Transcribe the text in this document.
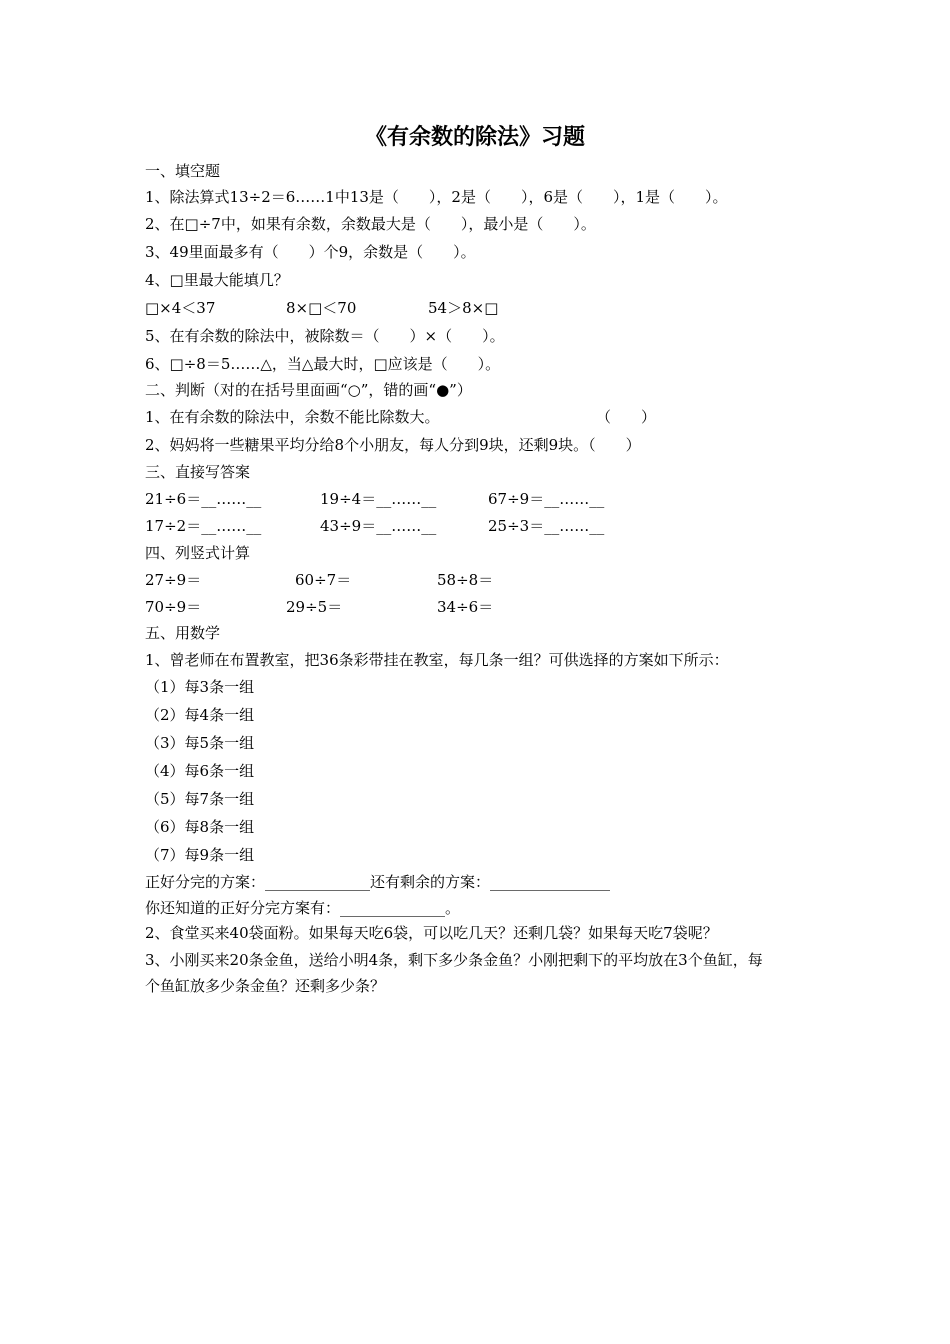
《有余数的除法》习题
一、填空题
1、除法算式13÷2＝6……1中13是（　　），2是（　　），6是（　　），1是（　　）。
2、在□÷7中，如果有余数，余数最大是（　　），最小是（　　）。
3、49里面最多有（　　）个9，余数是（　　）。
4、□里最大能填几？
□×4＜37	8×□＜70	54＞8×□
5、在有余数的除法中，被除数＝（　　）×（　　）。
6、□÷8＝5……△，当△最大时，□应该是（　　）。
二、判断（对的在括号里面画“○”，错的画“●”）
1、在有余数的除法中，余数不能比除数大。	（　　）
2、妈妈将一些糖果平均分给8个小朋友，每人分到9块，还剩9块。（　　）
三、直接写答案
21÷6＝__……__	19÷4＝__……__	67÷9＝__……__
17÷2＝__……__	43÷9＝__……__	25÷3＝__……__
四、列竖式计算
27÷9＝	60÷7＝	58÷8＝
70÷9＝	29÷5＝	34÷6＝
五、用数学
1、曾老师在布置教室，把36条彩带挂在教室，每几条一组？可供选择的方案如下所示：
（1）每3条一组
（2）每4条一组
（3）每5条一组
（4）每6条一组
（5）每7条一组
（6）每8条一组
（7）每9条一组
正好分完的方案：______________还有剩余的方案：________________
你还知道的正好分完方案有：______________。
2、食堂买来40袋面粉。如果每天吃6袋，可以吃几天？还剩几袋？如果每天吃7袋呢？
3、小刚买来20条金鱼，送给小明4条，剩下多少条金鱼？小刚把剩下的平均放在3个鱼缸，每
个鱼缸放多少条金鱼？还剩多少条？
